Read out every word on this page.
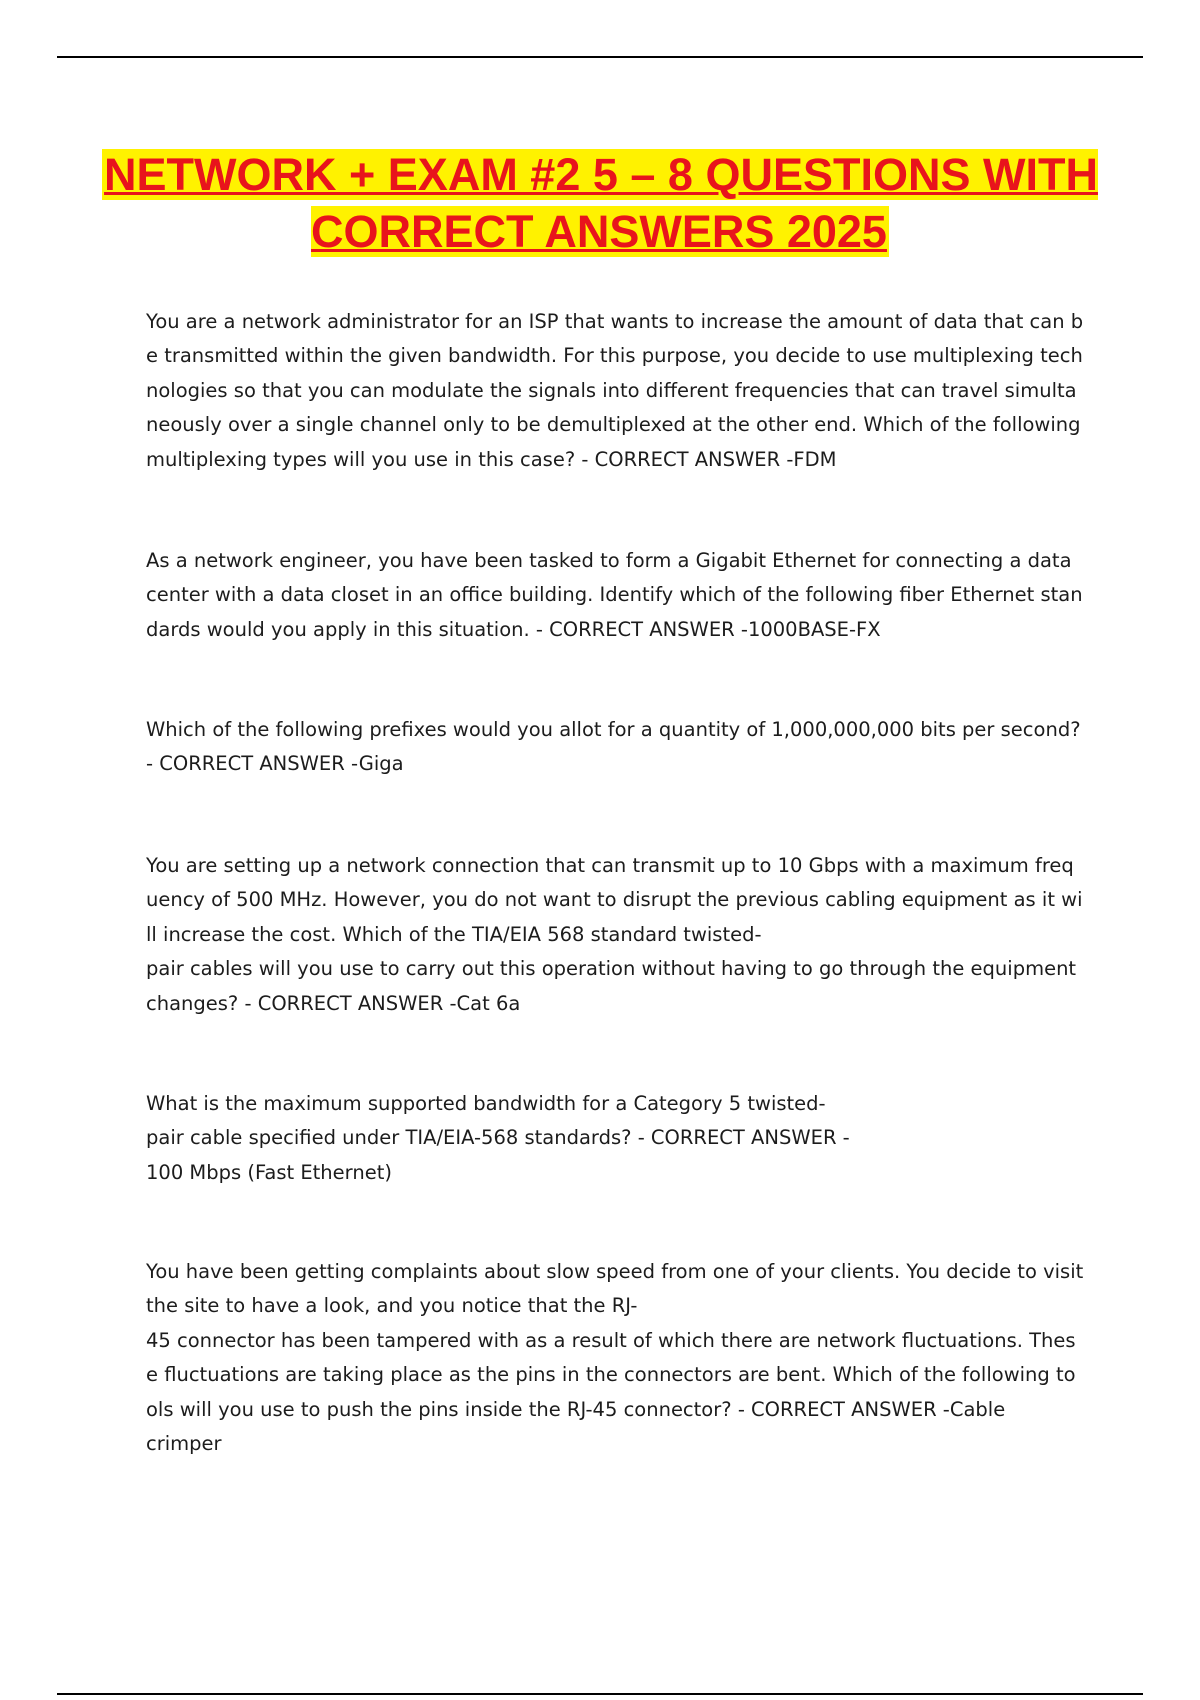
NETWORK + EXAM #2 5 – 8 QUESTIONS WITH CORRECT ANSWERS 2025

You are a network administrator for an ISP that wants to increase the amount of data that can be transmitted within the given bandwidth. For this purpose, you decide to use multiplexing technologies so that you can modulate the signals into different frequencies that can travel simultaneously over a single channel only to be demultiplexed at the other end. Which of the following multiplexing types will you use in this case? - CORRECT ANSWER -FDM

As a network engineer, you have been tasked to form a Gigabit Ethernet for connecting a data center with a data closet in an office building. Identify which of the following fiber Ethernet standards would you apply in this situation. - CORRECT ANSWER -1000BASE-FX

Which of the following prefixes would you allot for a quantity of 1,000,000,000 bits per second?
- CORRECT ANSWER -Giga

You are setting up a network connection that can transmit up to 10 Gbps with a maximum frequency of 500 MHz. However, you do not want to disrupt the previous cabling equipment as it will increase the cost. Which of the TIA/EIA 568 standard twisted-
pair cables will you use to carry out this operation without having to go through the equipment changes? - CORRECT ANSWER -Cat 6a

What is the maximum supported bandwidth for a Category 5 twisted-
pair cable specified under TIA/EIA-568 standards? - CORRECT ANSWER -
100 Mbps (Fast Ethernet)

You have been getting complaints about slow speed from one of your clients. You decide to visit the site to have a look, and you notice that the RJ-
45 connector has been tampered with as a result of which there are network fluctuations. These fluctuations are taking place as the pins in the connectors are bent. Which of the following tools will you use to push the pins inside the RJ-45 connector? - CORRECT ANSWER -Cable crimper
